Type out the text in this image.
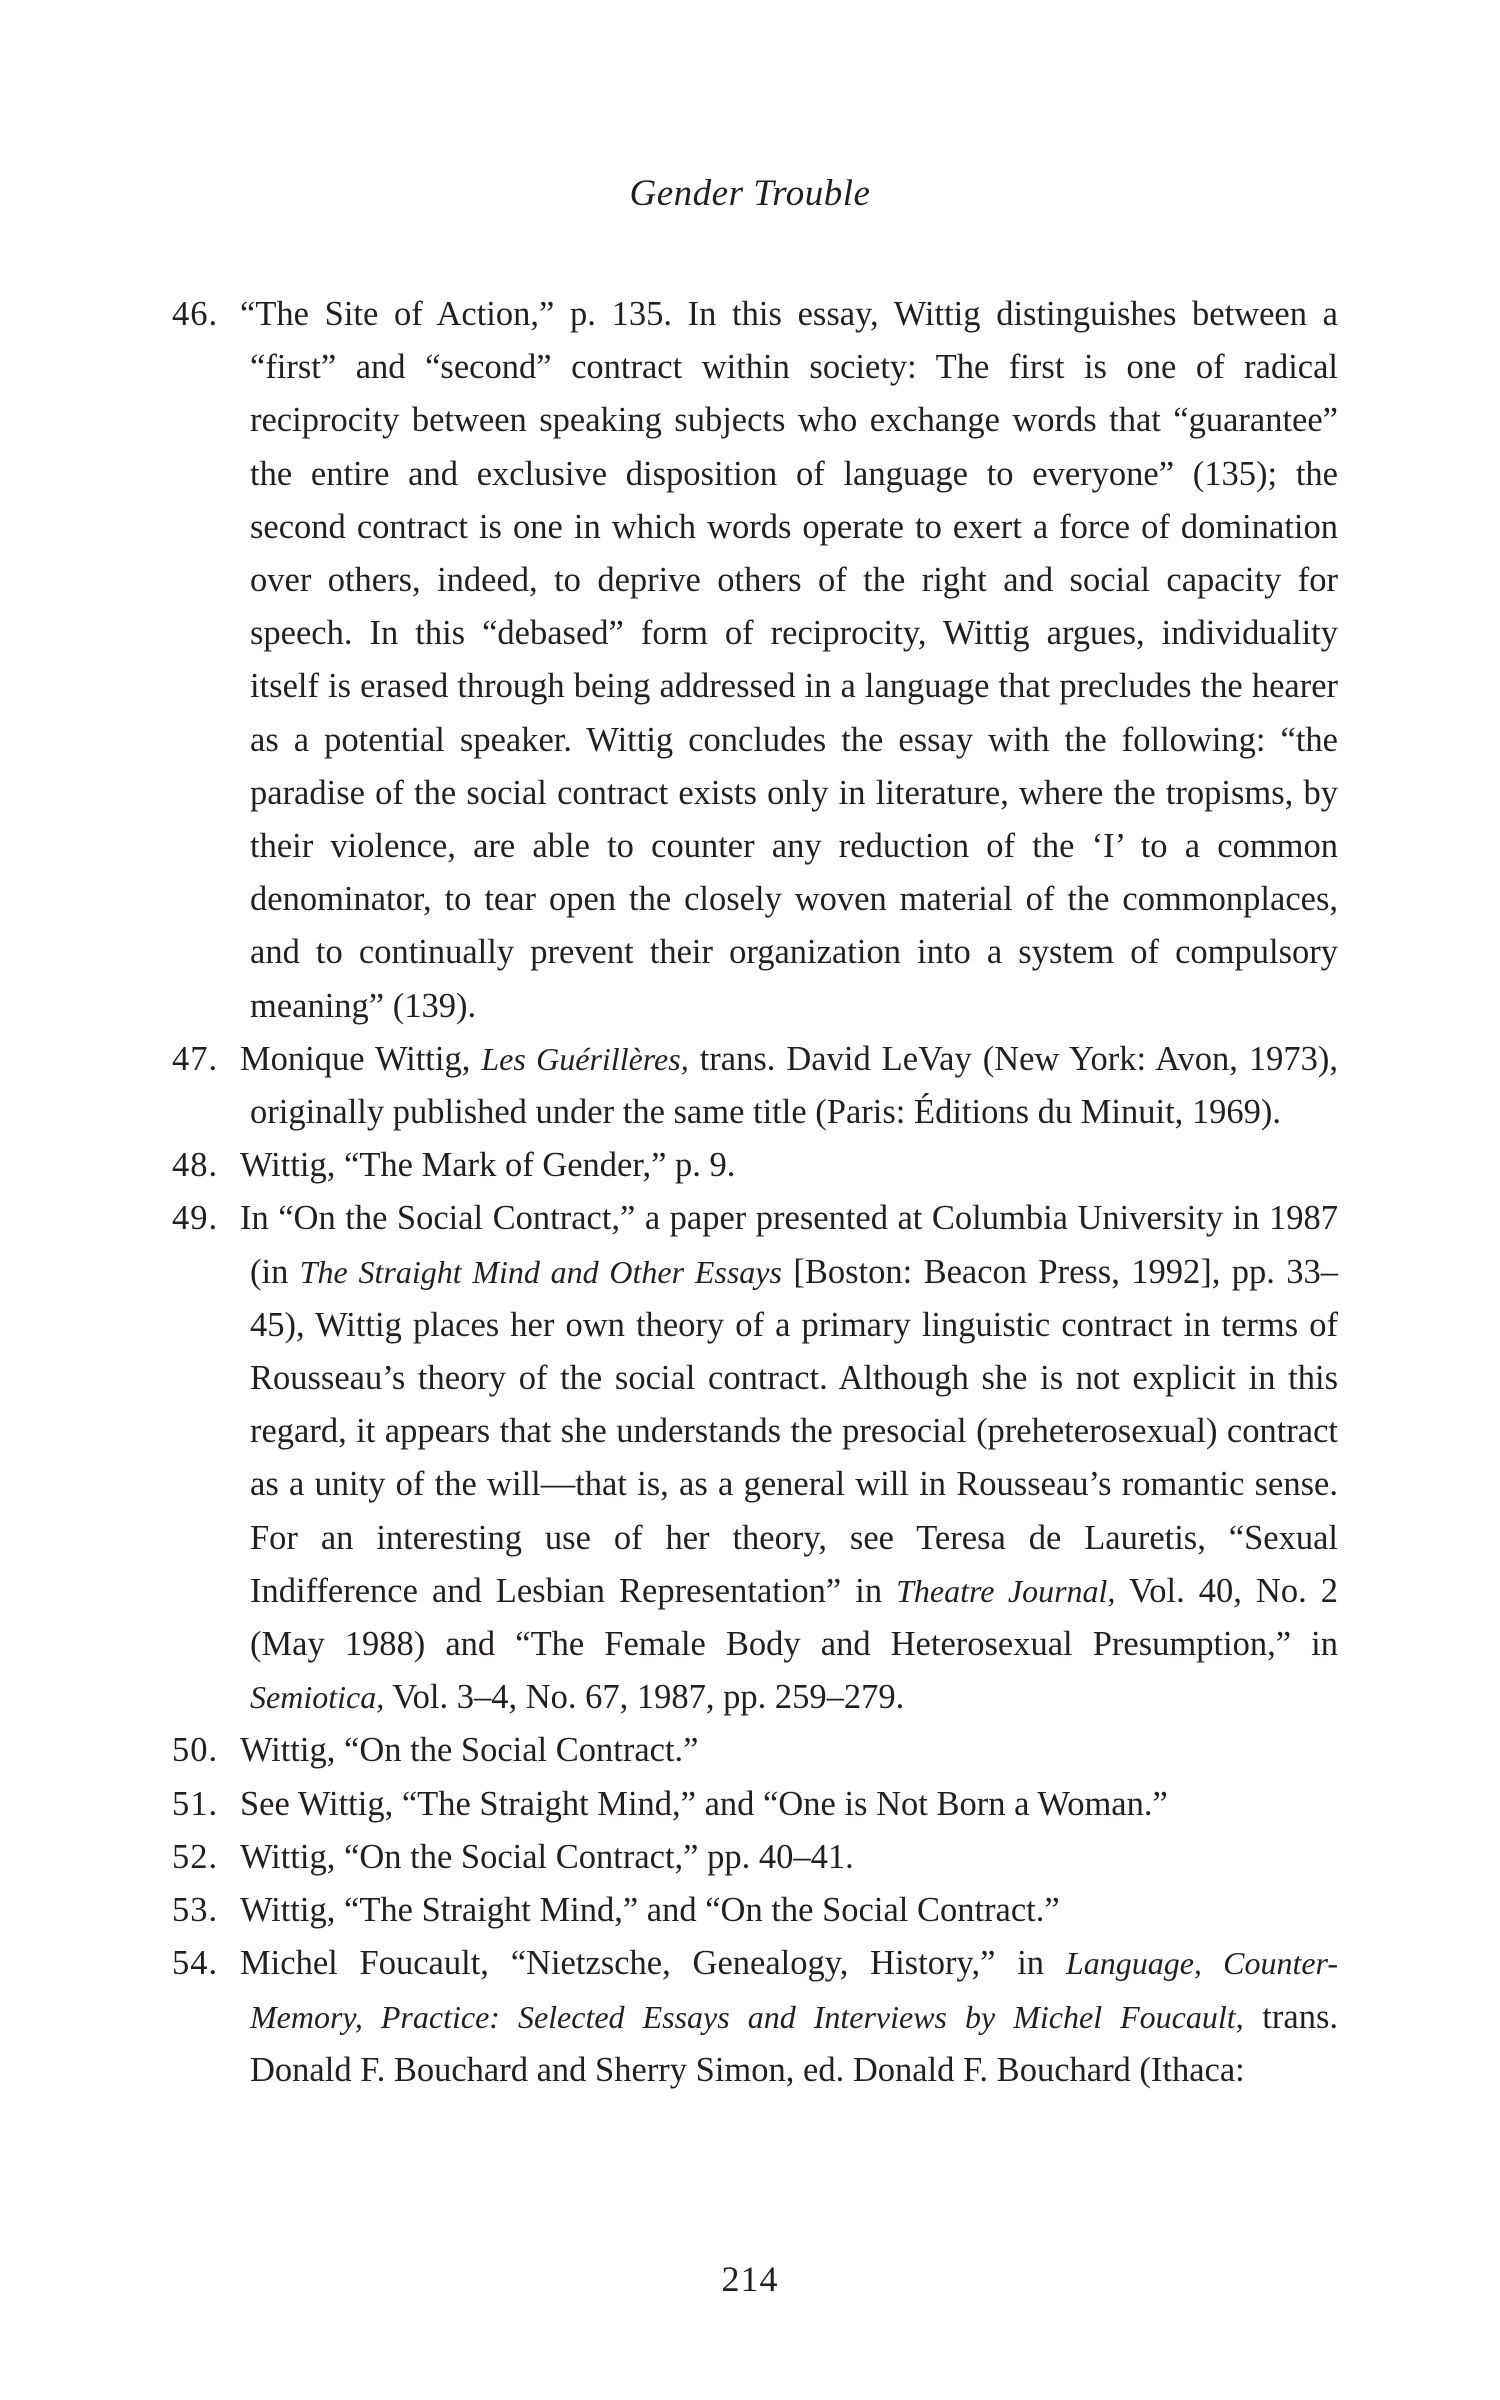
Gender Trouble
46. “The Site of Action,” p. 135. In this essay, Wittig distinguishes between a “first” and “second” contract within society: The first is one of radical reciprocity between speaking subjects who exchange words that “guarantee” the entire and exclusive disposition of language to everyone” (135); the second contract is one in which words operate to exert a force of domination over others, indeed, to deprive others of the right and social capacity for speech. In this “debased” form of reciprocity, Wittig argues, individuality itself is erased through being addressed in a language that precludes the hearer as a potential speaker. Wittig concludes the essay with the following: “the paradise of the social contract exists only in literature, where the tropisms, by their violence, are able to counter any reduction of the ‘I’ to a common denominator, to tear open the closely woven material of the commonplaces, and to continually prevent their organization into a system of compulsory meaning” (139).
47. Monique Wittig, Les Guérillères, trans. David LeVay (New York: Avon, 1973), originally published under the same title (Paris: Éditions du Minuit, 1969).
48. Wittig, “The Mark of Gender,” p. 9.
49. In “On the Social Contract,” a paper presented at Columbia University in 1987 (in The Straight Mind and Other Essays [Boston: Beacon Press, 1992], pp. 33–45), Wittig places her own theory of a primary linguistic contract in terms of Rousseau’s theory of the social contract. Although she is not explicit in this regard, it appears that she understands the presocial (preheterosexual) contract as a unity of the will—that is, as a general will in Rousseau’s romantic sense. For an interesting use of her theory, see Teresa de Lauretis, “Sexual Indifference and Lesbian Representation” in Theatre Journal, Vol. 40, No. 2 (May 1988) and “The Female Body and Heterosexual Presumption,” in Semiotica, Vol. 3–4, No. 67, 1987, pp. 259–279.
50. Wittig, “On the Social Contract.”
51. See Wittig, “The Straight Mind,” and “One is Not Born a Woman.”
52. Wittig, “On the Social Contract,” pp. 40–41.
53. Wittig, “The Straight Mind,” and “On the Social Contract.”
54. Michel Foucault, “Nietzsche, Genealogy, History,” in Language, Counter-Memory, Practice: Selected Essays and Interviews by Michel Foucault, trans. Donald F. Bouchard and Sherry Simon, ed. Donald F. Bouchard (Ithaca:
214
